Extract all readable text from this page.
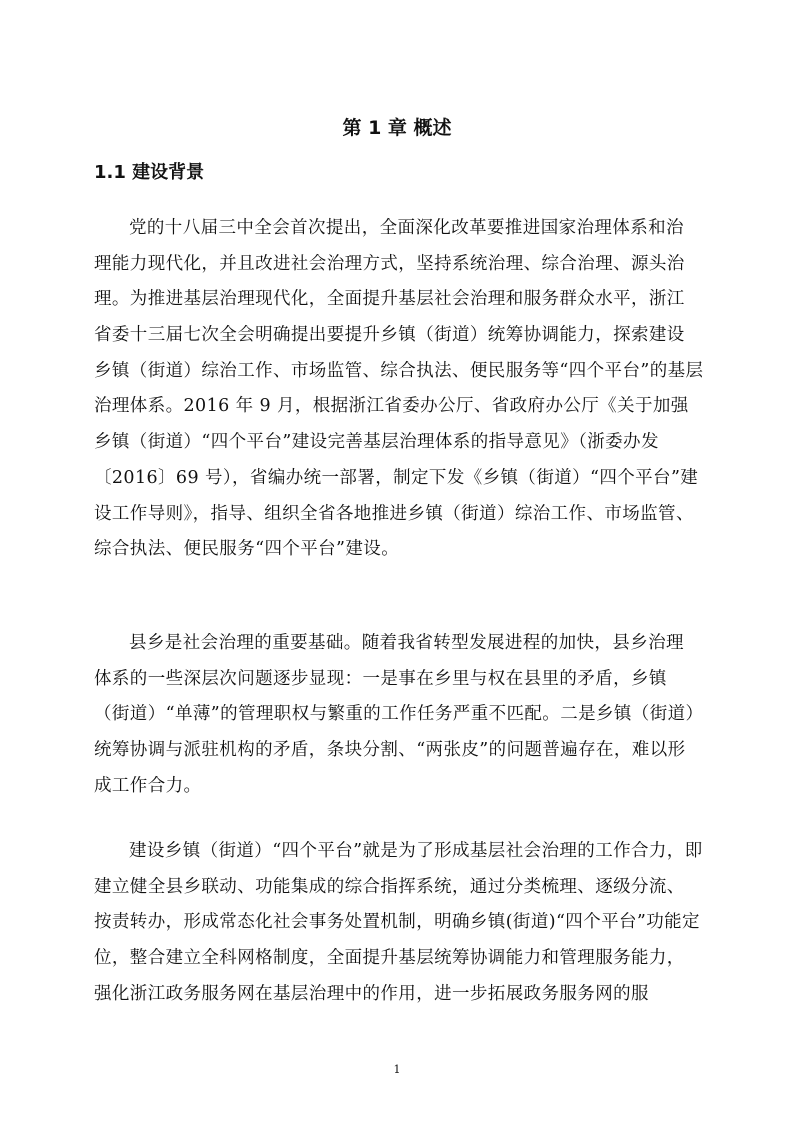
第 1 章 概述
1.1 建设背景
党的十八届三中全会首次提出，全面深化改革要推进国家治理体系和治
理能力现代化，并且改进社会治理方式，坚持系统治理、综合治理、源头治
理。为推进基层治理现代化，全面提升基层社会治理和服务群众水平，浙江
省委十三届七次全会明确提出要提升乡镇（街道）统筹协调能力，探索建设
乡镇（街道）综治工作、市场监管、综合执法、便民服务等“四个平台”的基层
治理体系。2016 年 9 月，根据浙江省委办公厅、省政府办公厅《关于加强
乡镇（街道）“四个平台”建设完善基层治理体系的指导意见》（浙委办发
〔2016〕69 号），省编办统一部署，制定下发《乡镇（街道）“四个平台”建
设工作导则》，指导、组织全省各地推进乡镇（街道）综治工作、市场监管、
综合执法、便民服务“四个平台”建设。
县乡是社会治理的重要基础。随着我省转型发展进程的加快，县乡治理
体系的一些深层次问题逐步显现：一是事在乡里与权在县里的矛盾，乡镇
（街道）“单薄”的管理职权与繁重的工作任务严重不匹配。二是乡镇（街道）
统筹协调与派驻机构的矛盾，条块分割、“两张皮”的问题普遍存在，难以形
成工作合力。
建设乡镇（街道）“四个平台”就是为了形成基层社会治理的工作合力，即
建立健全县乡联动、功能集成的综合指挥系统，通过分类梳理、逐级分流、
按责转办，形成常态化社会事务处置机制，明确乡镇(街道)“四个平台”功能定
位，整合建立全科网格制度，全面提升基层统筹协调能力和管理服务能力，
强化浙江政务服务网在基层治理中的作用，进一步拓展政务服务网的服
1
